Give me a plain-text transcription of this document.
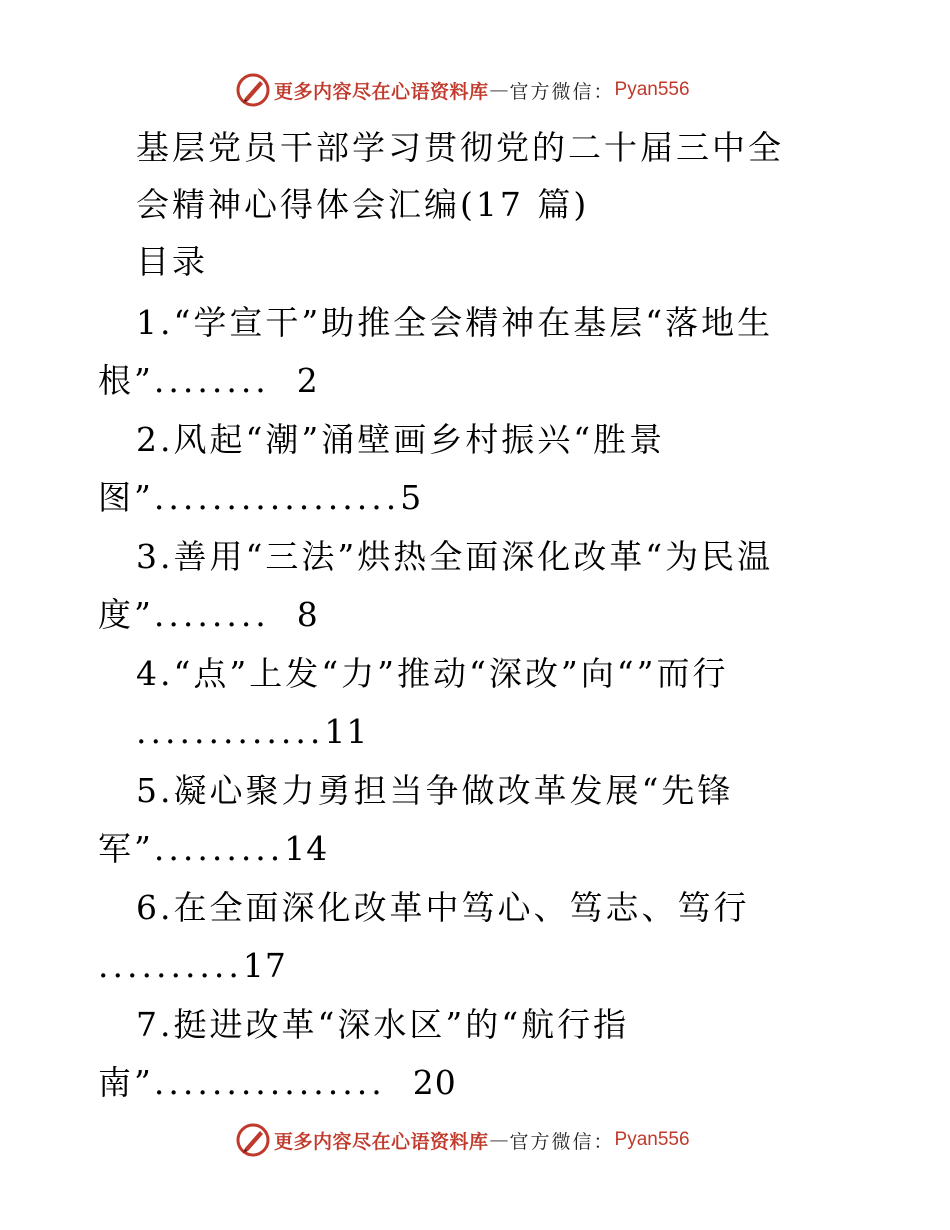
更多内容尽在心语资料库 — 官方微信： Pyan556
基层党员干部学习贯彻党的二十届三中全
会精神心得体会汇编(17 篇)
目录
1.“学宣干”助推全会精神在基层“落地生
根”........ 2
2.风起“潮”涌壁画乡村振兴“胜景
图”.................5
3.善用“三法”烘热全面深化改革“为民温
度”........ 8
4.“点”上发“力”推动“深改”向“”而行
.............11
5.凝心聚力勇担当争做改革发展“先锋
军”.........14
6.在全面深化改革中笃心、笃志、笃行
..........17
7.挺进改革“深水区”的“航行指
南”................ 20
更多内容尽在心语资料库 — 官方微信： Pyan556
